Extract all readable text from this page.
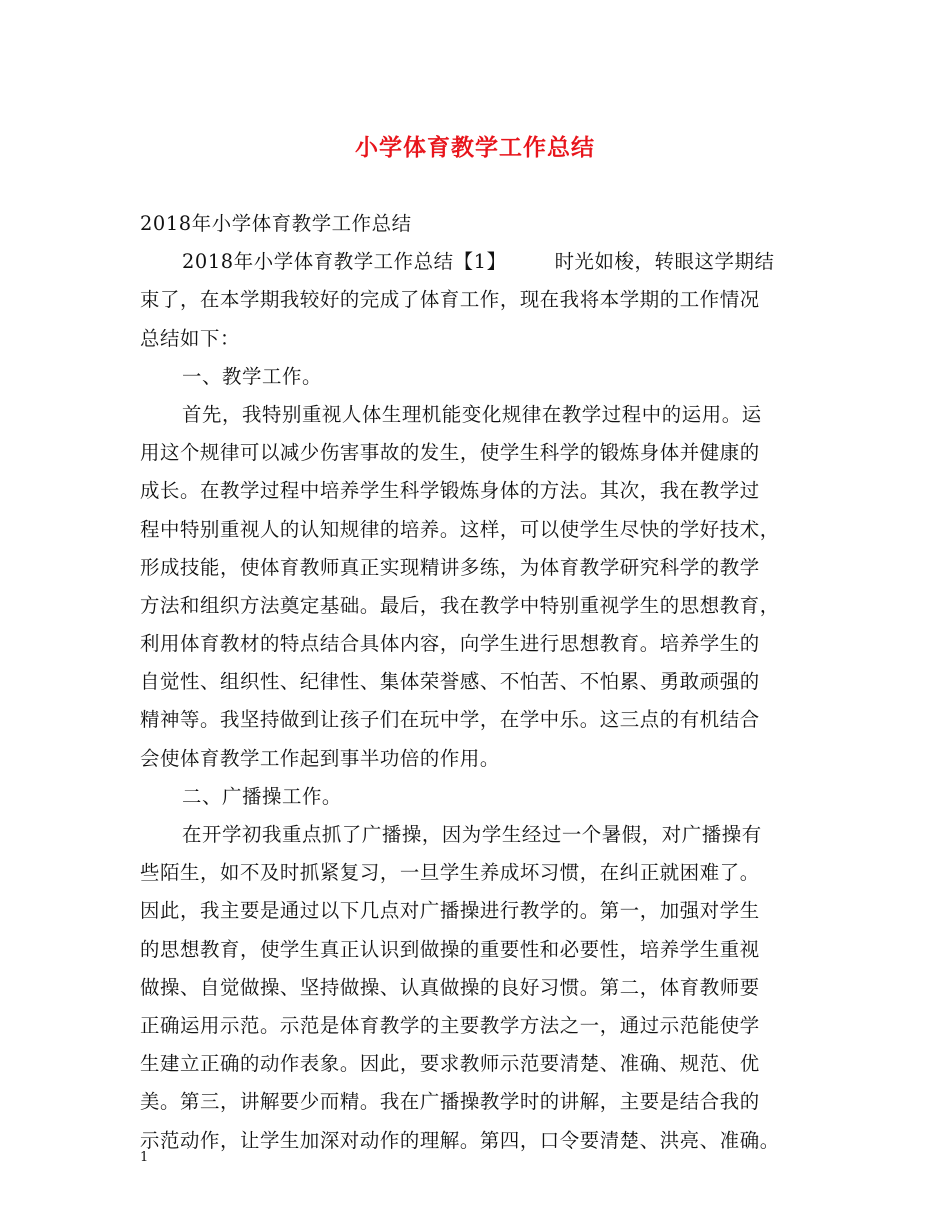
小学体育教学工作总结
2018年小学体育教学工作总结
2018年小学体育教学工作总结【1】 时光如梭，转眼这学期结
束了，在本学期我较好的完成了体育工作，现在我将本学期的工作情况
总结如下：
一、教学工作。
首先，我特别重视人体生理机能变化规律在教学过程中的运用。运
用这个规律可以减少伤害事故的发生，使学生科学的锻炼身体并健康的
成长。在教学过程中培养学生科学锻炼身体的方法。其次，我在教学过
程中特别重视人的认知规律的培养。这样，可以使学生尽快的学好技术，
形成技能，使体育教师真正实现精讲多练，为体育教学研究科学的教学
方法和组织方法奠定基础。最后，我在教学中特别重视学生的思想教育，
利用体育教材的特点结合具体内容，向学生进行思想教育。培养学生的
自觉性、组织性、纪律性、集体荣誉感、不怕苦、不怕累、勇敢顽强的
精神等。我坚持做到让孩子们在玩中学，在学中乐。这三点的有机结合
会使体育教学工作起到事半功倍的作用。
二、广播操工作。
在开学初我重点抓了广播操，因为学生经过一个暑假，对广播操有
些陌生，如不及时抓紧复习，一旦学生养成坏习惯，在纠正就困难了。
因此，我主要是通过以下几点对广播操进行教学的。第一，加强对学生
的思想教育，使学生真正认识到做操的重要性和必要性，培养学生重视
做操、自觉做操、坚持做操、认真做操的良好习惯。第二，体育教师要
正确运用示范。示范是体育教学的主要教学方法之一，通过示范能使学
生建立正确的动作表象。因此，要求教师示范要清楚、准确、规范、优
美。第三，讲解要少而精。我在广播操教学时的讲解，主要是结合我的
示范动作，让学生加深对动作的理解。第四，口令要清楚、洪亮、准确。
1
